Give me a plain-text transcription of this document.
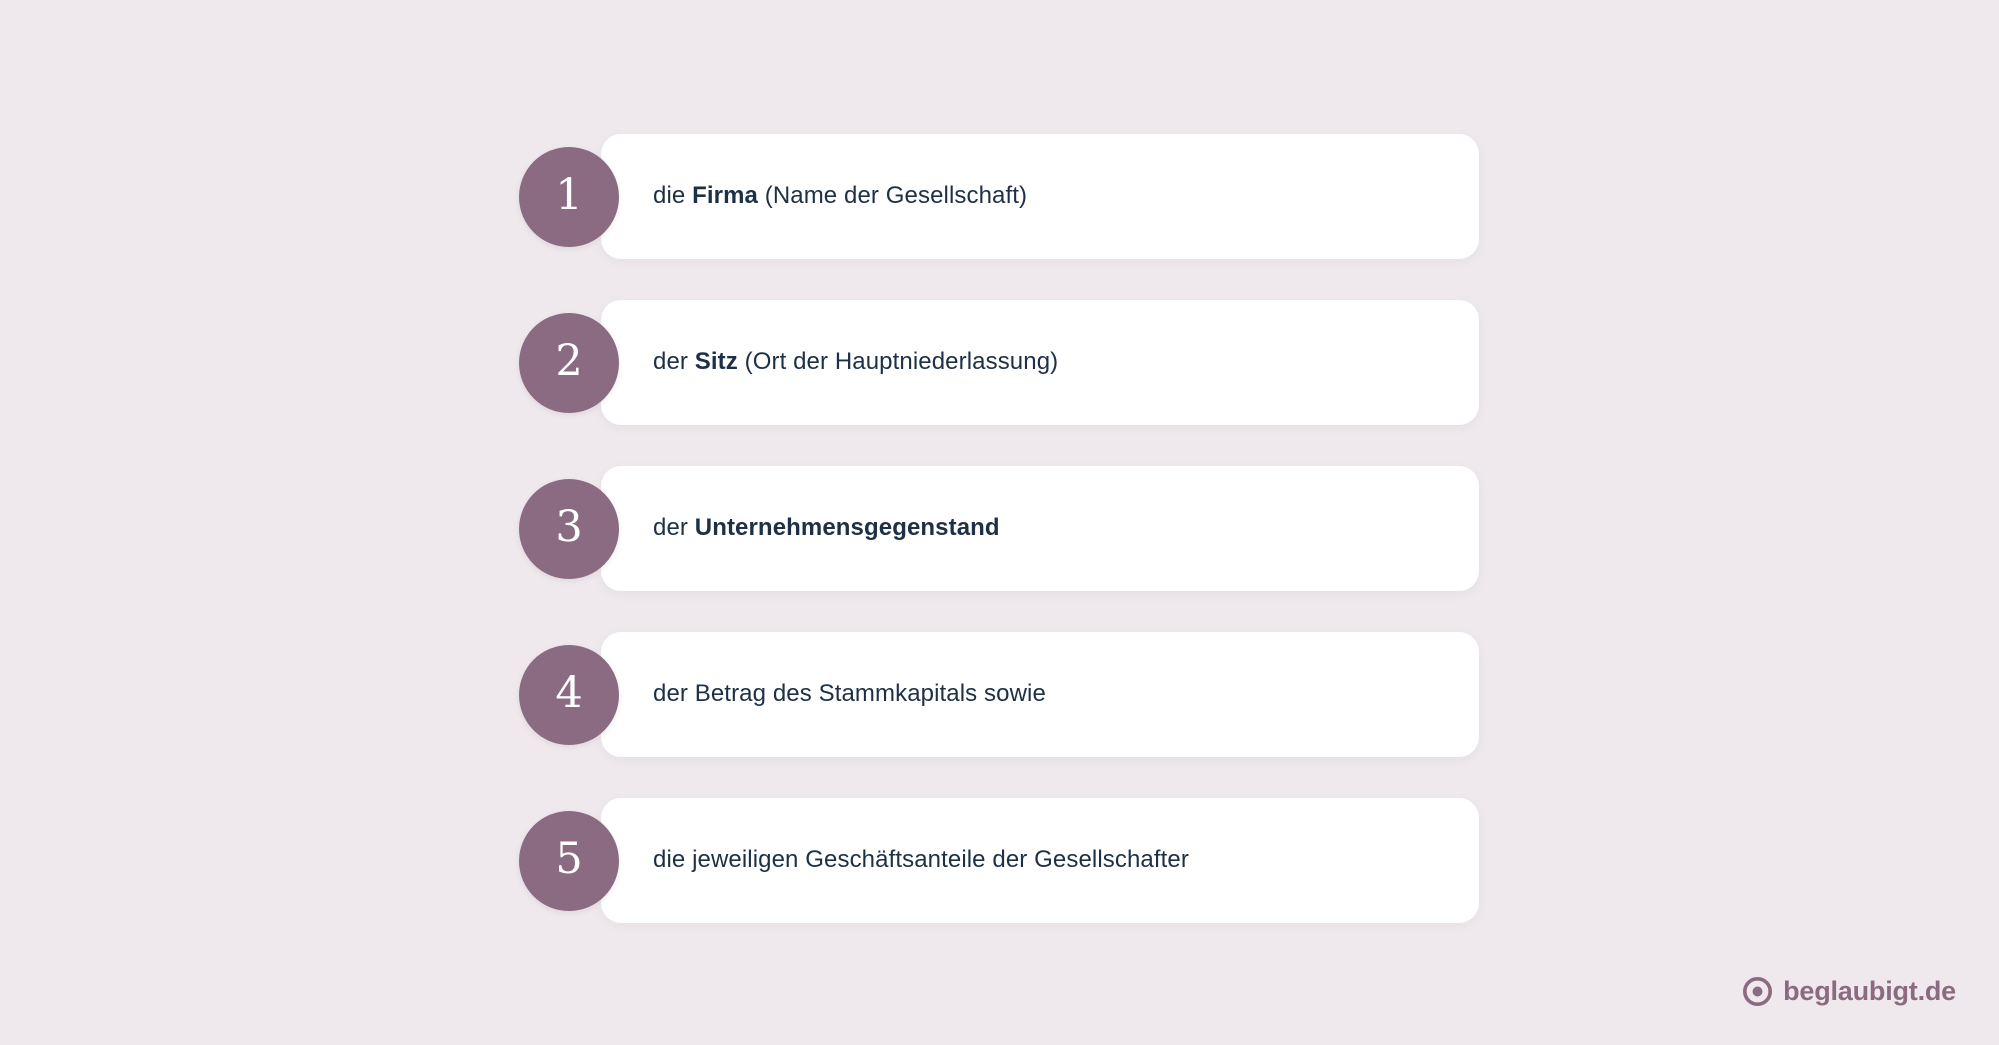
1	die Firma (Name der Gesellschaft)
2	der Sitz (Ort der Hauptniederlassung)
3	der Unternehmensgegenstand
4	der Betrag des Stammkapitals sowie
5	die jeweiligen Geschäftsanteile der Gesellschafter
beglaubigt.de
